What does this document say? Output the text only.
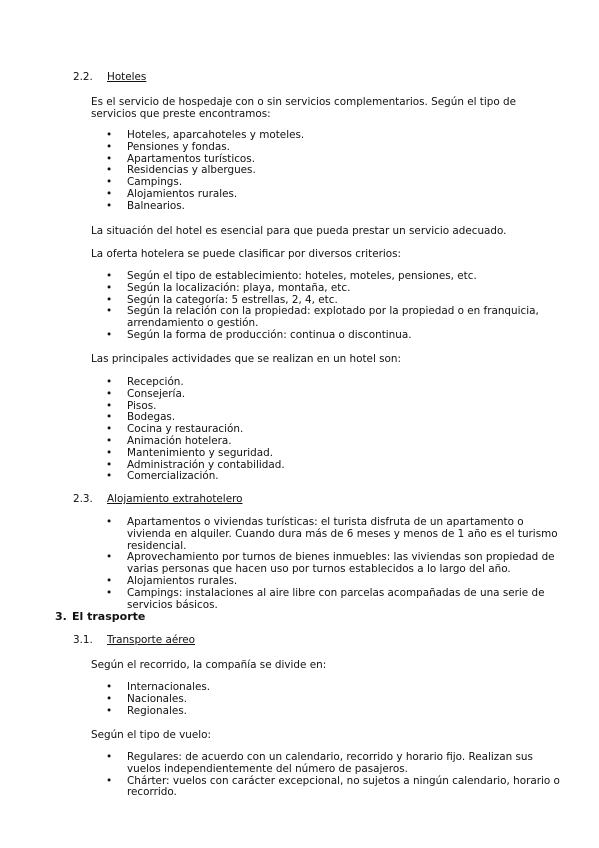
2.2.	Hoteles
Es el servicio de hospedaje con o sin servicios complementarios. Según el tipo de servicios que preste encontramos:
• Hoteles, aparcahoteles y moteles.
• Pensiones y fondas.
• Apartamentos turísticos.
• Residencias y albergues.
• Campings.
• Alojamientos rurales.
• Balnearios.
La situación del hotel es esencial para que pueda prestar un servicio adecuado.
La oferta hotelera se puede clasificar por diversos criterios:
• Según el tipo de establecimiento: hoteles, moteles, pensiones, etc.
• Según la localización: playa, montaña, etc.
• Según la categoría: 5 estrellas, 2, 4, etc.
• Según la relación con la propiedad: explotado por la propiedad o en franquicia, arrendamiento o gestión.
• Según la forma de producción: continua o discontinua.
Las principales actividades que se realizan en un hotel son:
• Recepción.
• Consejería.
• Pisos.
• Bodegas.
• Cocina y restauración.
• Animación hotelera.
• Mantenimiento y seguridad.
• Administración y contabilidad.
• Comercialización.
2.3.	Alojamiento extrahotelero
• Apartamentos o viviendas turísticas: el turista disfruta de un apartamento o vivienda en alquiler. Cuando dura más de 6 meses y menos de 1 año es el turismo residencial.
• Aprovechamiento por turnos de bienes inmuebles: las viviendas son propiedad de varias personas que hacen uso por turnos establecidos a lo largo del año.
• Alojamientos rurales.
• Campings: instalaciones al aire libre con parcelas acompañadas de una serie de servicios básicos.
3. El trasporte
3.1.	Transporte aéreo
Según el recorrido, la compañía se divide en:
• Internacionales.
• Nacionales.
• Regionales.
Según el tipo de vuelo:
• Regulares: de acuerdo con un calendario, recorrido y horario fijo. Realizan sus vuelos independientemente del número de pasajeros.
• Chárter: vuelos con carácter excepcional, no sujetos a ningún calendario, horario o recorrido.
